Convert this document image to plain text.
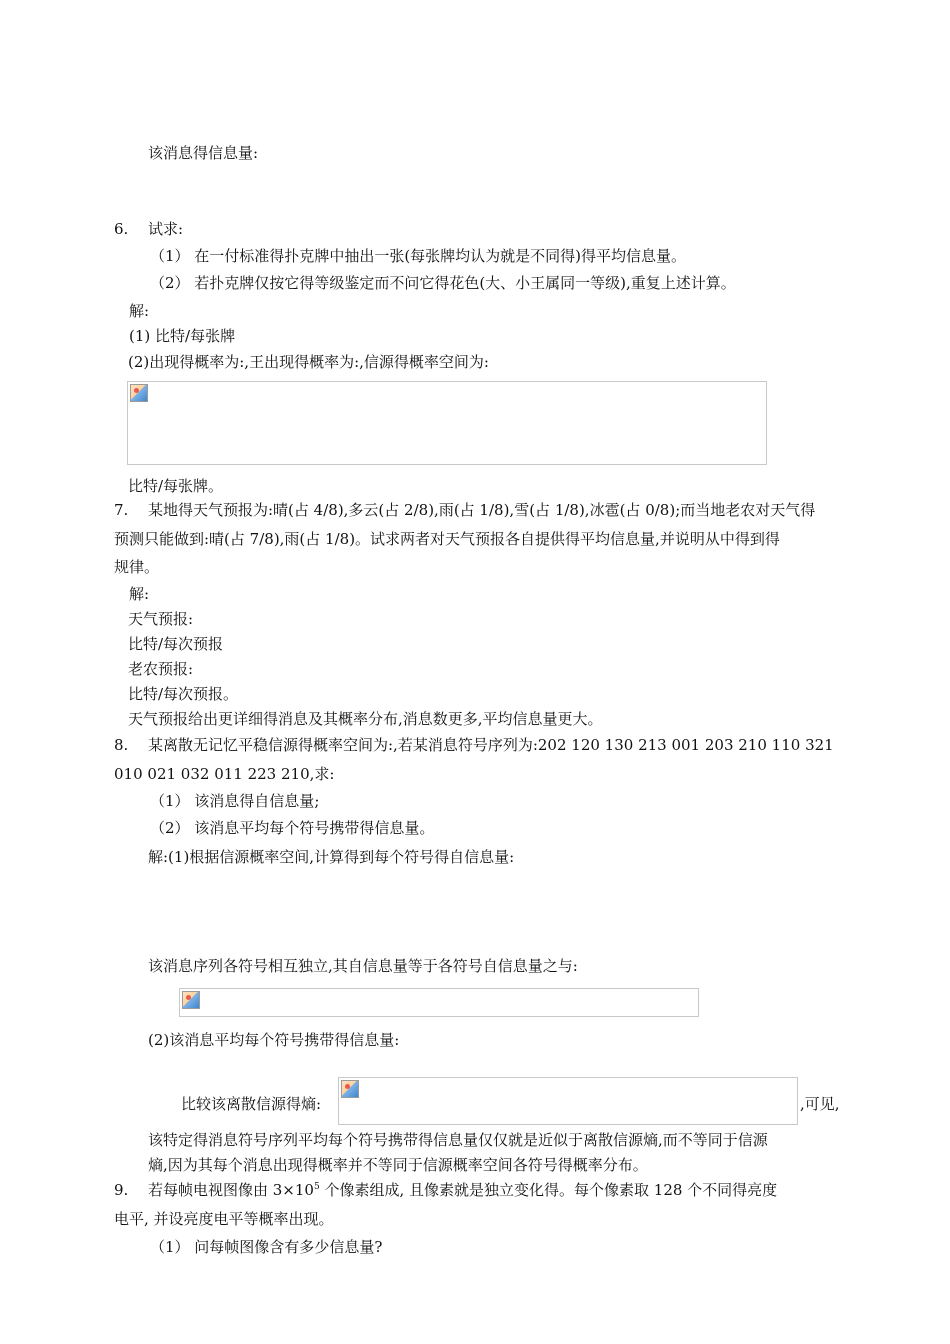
该消息得信息量:
6. 试求:
（1） 在一付标准得扑克牌中抽出一张(每张牌均认为就是不同得)得平均信息量。
（2） 若扑克牌仅按它得等级鉴定而不问它得花色(大、小王属同一等级),重复上述计算。
解:
(1) 比特/每张牌
(2)出现得概率为:,王出现得概率为:,信源得概率空间为:
比特/每张牌。
7. 某地得天气预报为:晴(占 4/8),多云(占 2/8),雨(占 1/8),雪(占 1/8),冰雹(占 0/8);而当地老农对天气得
预测只能做到:晴(占 7/8),雨(占 1/8)。试求两者对天气预报各自提供得平均信息量,并说明从中得到得
规律。
解:
天气预报:
比特/每次预报
老农预报:
比特/每次预报。
天气预报给出更详细得消息及其概率分布,消息数更多,平均信息量更大。
8. 某离散无记忆平稳信源得概率空间为:,若某消息符号序列为:202 120 130 213 001 203 210 110 321
010 021 032 011 223 210,求:
（1） 该消息得自信息量;
（2） 该消息平均每个符号携带得信息量。
解:(1)根据信源概率空间,计算得到每个符号得自信息量:
该消息序列各符号相互独立,其自信息量等于各符号自信息量之与:
(2)该消息平均每个符号携带得信息量:
比较该离散信源得熵:	,可见,
该特定得消息符号序列平均每个符号携带得信息量仅仅就是近似于离散信源熵,而不等同于信源
熵,因为其每个消息出现得概率并不等同于信源概率空间各符号得概率分布。
9. 若每帧电视图像由 $3\times 10^5$ 个像素组成, 且像素就是独立变化得。每个像素取 128 个不同得亮度
电平, 并设亮度电平等概率出现。
（1） 问每帧图像含有多少信息量?
